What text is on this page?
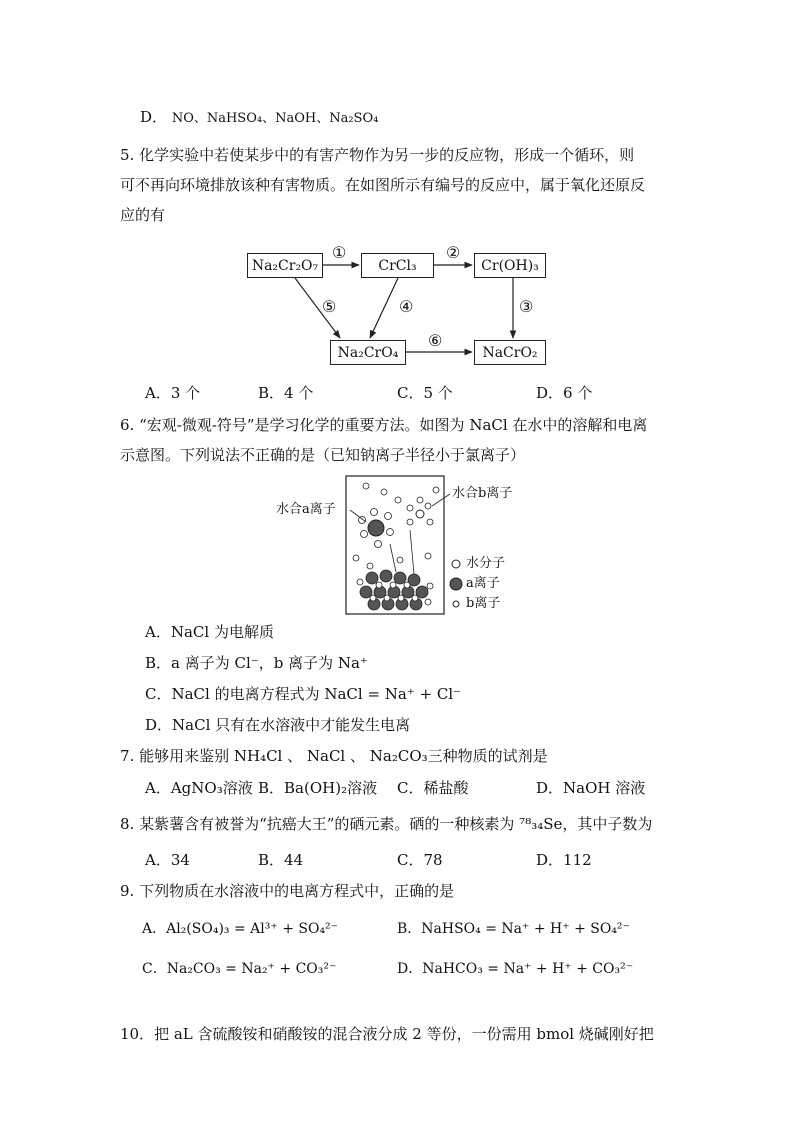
D． NO、NaHSO₄、NaOH、Na₂SO₄
5. 化学实验中若使某步中的有害产物作为另一步的反应物，形成一个循环，则
可不再向环境排放该种有害物质。在如图所示有编号的反应中，属于氧化还原反
应的有
Na₂Cr₂O₇	CrCl₃	Cr(OH)₃
Na₂CrO₄	NaCrO₂
①	②
③
④
⑤
⑥
A．3 个	B．4 个	C．5 个	D．6 个
6. “宏观-微观-符号”是学习化学的重要方法。如图为 NaCl 在水中的溶解和电离
示意图。下列说法不正确的是（已知钠离子半径小于氯离子）
水合a离子
水合b离子
水分子
a离子
b离子
A．NaCl 为电解质
B．a 离子为 Cl⁻，b 离子为 Na⁺
C．NaCl 的电离方程式为 NaCl = Na⁺ + Cl⁻
D．NaCl 只有在水溶液中才能发生电离
7. 能够用来鉴别 NH₄Cl 、 NaCl 、 Na₂CO₃三种物质的试剂是
A．AgNO₃溶液 B．Ba(OH)₂溶液 C．稀盐酸	D．NaOH 溶液
8. 某紫薯含有被誉为“抗癌大王”的硒元素。硒的一种核素为 ⁷⁸₃₄Se，其中子数为
A．34	B．44	C．78	D．112
9. 下列物质在水溶液中的电离方程式中，正确的是
A．Al₂(SO₄)₃ = Al³⁺ + SO₄²⁻	B．NaHSO₄ = Na⁺ + H⁺ + SO₄²⁻
C．Na₂CO₃ = Na₂⁺ + CO₃²⁻	D．NaHCO₃ = Na⁺ + H⁺ + CO₃²⁻
10．把 aL 含硫酸铵和硝酸铵的混合液分成 2 等份，一份需用 bmol 烧碱刚好把
